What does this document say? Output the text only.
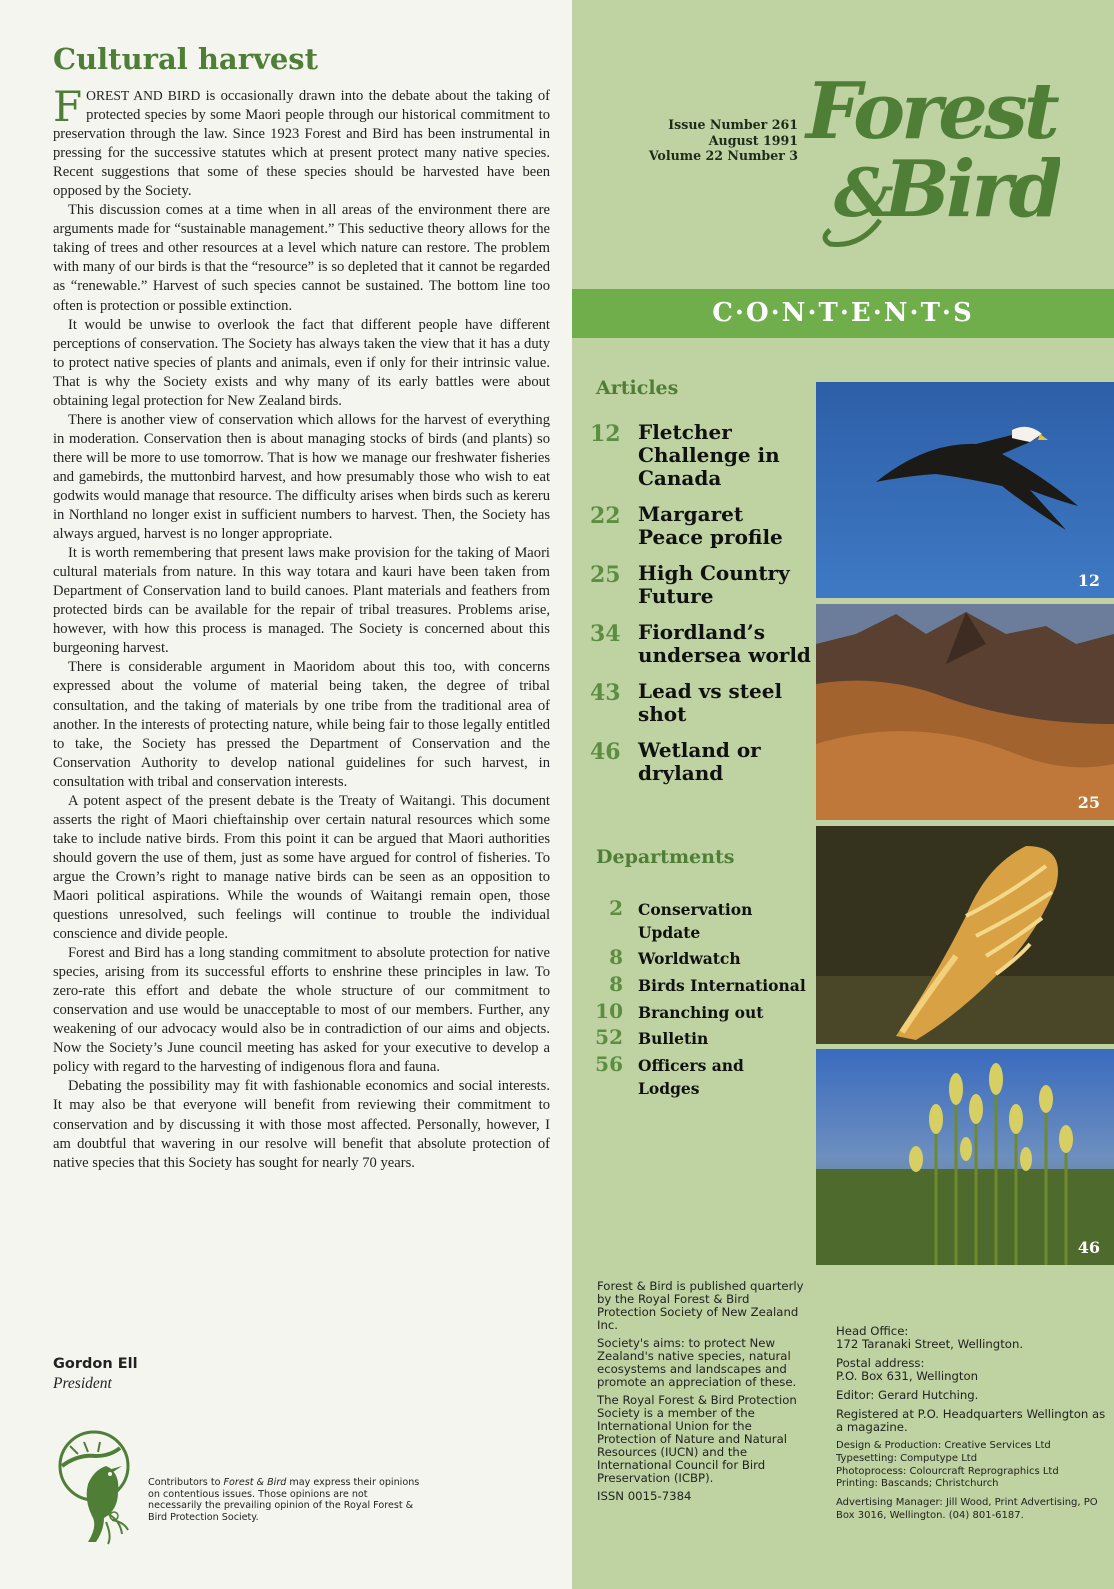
Cultural harvest

FOREST AND BIRD is occasionally drawn into the debate about the taking of protected species by some Maori people through our historical commitment to preservation through the law. Since 1923 Forest and Bird has been instrumental in pressing for the successive statutes which at present protect many native species. Recent suggestions that some of these species should be harvested have been opposed by the Society.

This discussion comes at a time when in all areas of the environment there are arguments made for “sustainable management.” This seductive theory allows for the taking of trees and other resources at a level which nature can restore. The problem with many of our birds is that the “resource” is so depleted that it cannot be regarded as “renewable.” Harvest of such species cannot be sustained. The bottom line too often is protection or possible extinction.

It would be unwise to overlook the fact that different people have different perceptions of conservation. The Society has always taken the view that it has a duty to protect native species of plants and animals, even if only for their intrinsic value. That is why the Society exists and why many of its early battles were about obtaining legal protection for New Zealand birds.

There is another view of conservation which allows for the harvest of everything in moderation. Conservation then is about managing stocks of birds (and plants) so there will be more to use tomorrow. That is how we manage our freshwater fisheries and gamebirds, the muttonbird harvest, and how presumably those who wish to eat godwits would manage that resource. The difficulty arises when birds such as kereru in Northland no longer exist in sufficient numbers to harvest. Then, the Society has always argued, harvest is no longer appropriate.

It is worth remembering that present laws make provision for the taking of Maori cultural materials from nature. In this way totara and kauri have been taken from Department of Conservation land to build canoes. Plant materials and feathers from protected birds can be available for the repair of tribal treasures. Problems arise, however, with how this process is managed. The Society is concerned about this burgeoning harvest.

There is considerable argument in Maoridom about this too, with concerns expressed about the volume of material being taken, the degree of tribal consultation, and the taking of materials by one tribe from the traditional area of another. In the interests of protecting nature, while being fair to those legally entitled to take, the Society has pressed the Department of Conservation and the Conservation Authority to develop national guidelines for such harvest, in consultation with tribal and conservation interests.

A potent aspect of the present debate is the Treaty of Waitangi. This document asserts the right of Maori chieftainship over certain natural resources which some take to include native birds. From this point it can be argued that Maori authorities should govern the use of them, just as some have argued for control of fisheries. To argue the Crown’s right to manage native birds can be seen as an opposition to Maori political aspirations. While the wounds of Waitangi remain open, those questions unresolved, such feelings will continue to trouble the individual conscience and divide people.

Forest and Bird has a long standing commitment to absolute protection for native species, arising from its successful efforts to enshrine these principles in law. To zero-rate this effort and debate the whole structure of our commitment to conservation and use would be unacceptable to most of our members. Further, any weakening of our advocacy would also be in contradiction of our aims and objects. Now the Society’s June council meeting has asked for your executive to develop a policy with regard to the harvesting of indigenous flora and fauna.

Debating the possibility may fit with fashionable economics and social interests. It may also be that everyone will benefit from reviewing their commitment to conservation and by discussing it with those most affected. Personally, however, I am doubtful that wavering in our resolve will benefit that absolute protection of native species that this Society has sought for nearly 70 years.

Gordon Ell
President
Contributors to Forest & Bird may express their opinions on contentious issues. Those opinions are not necessarily the prevailing opinion of the Royal Forest & Bird Protection Society.
Issue Number 261
August 1991
Volume 22 Number 3 Forest
&
Bird
C·O·N·T·E·N·T·S
Articles
12 Fletcher Challenge in Canada
22 Margaret Peace profile
25 High Country Future
34 Fiordland’s undersea world
43 Lead vs steel shot
46 Wetland or dryland
Departments
2 Conservation Update
8 Worldwatch
8 Birds International
10 Branching out
52 Bulletin
56 Officers and Lodges
12
25
46

Forest & Bird is published quarterly by the Royal Forest & Bird Protection Society of New Zealand Inc.

Society's aims: to protect New Zealand's native species, natural ecosystems and landscapes and promote an appreciation of these.

The Royal Forest & Bird Protection Society is a member of the International Union for the Protection of Nature and Natural Resources (IUCN) and the International Council for Bird Preservation (ICBP).

ISSN 0015-7384

Head Office:
172 Taranaki Street, Wellington.

Postal address:
P.O. Box 631, Wellington

Editor: Gerard Hutching.

Registered at P.O. Headquarters Wellington as a magazine.

Design & Production: Creative Services Ltd

Typesetting: Computype Ltd

Photoprocess: Colourcraft Reprographics Ltd

Printing: Bascands; Christchurch

Advertising Manager: Jill Wood, Print Advertising, PO Box 3016, Wellington. (04) 801-6187.
